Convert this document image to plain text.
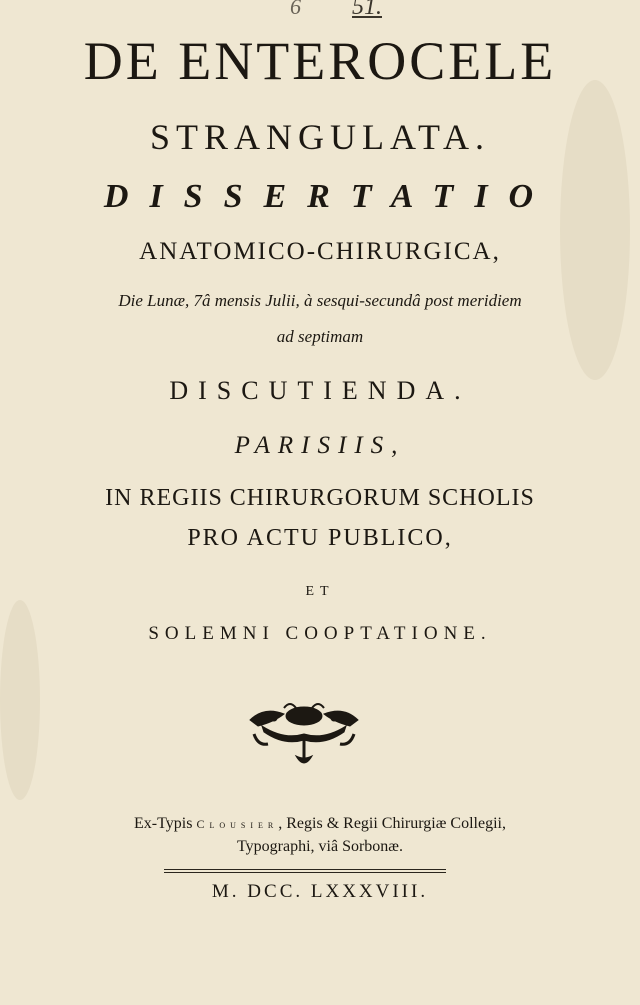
6 51.
DE ENTEROCELE
STRANGULATA.
DISSERTATIO
ANATOMICO-CHIRURGICA,
Die Lunæ, 7â mensis Julii, à sesqui-secundâ post meridiem
ad septimam
DISCUTIENDA.
PARISIIS,
IN REGIIS CHIRURGORUM SCHOLIS
PRO ACTU PUBLICO,
ET
SOLEMNI COOPTATIONE.
Ex-Typis Clousier, Regis & Regii Chirurgiæ Collegii,
Typographi, viâ Sorbonæ.
M. DCC. LXXXVIII.
